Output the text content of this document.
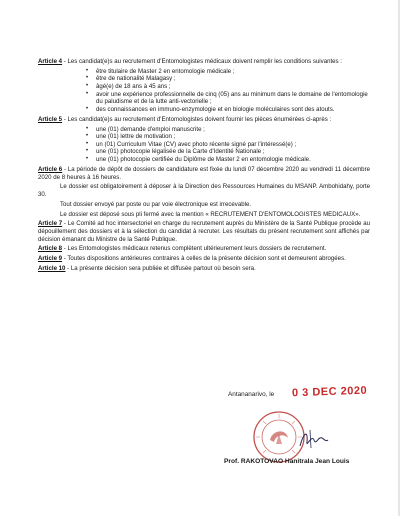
Article 4 - Les candidat(e)s au recrutement d'Entomologistes médicaux doivent remplir les conditions suivantes :

• être titulaire de Master 2 en entomologie médicale ;
• être de nationalité Malagasy ;
• âgé(e) de 18 ans à 45 ans ;
• avoir une expérience professionnelle de cinq (05) ans au minimum dans le domaine de l'entomologie du paludisme et de la lutte anti-vectorielle ;
• des connaissances en immuno-enzymologie et en biologie moléculaires sont des atouts.

Article 5 - Les candidat(e)s au recrutement d'Entomologistes doivent fournir les pièces énumérées ci-après :

• une (01) demande d'emploi manuscrite ;
• une (01) lettre de motivation ;
• un (01) Curriculum Vitae (CV) avec photo récente signé par l'intéressé(e) ;
• une (01) photocopie légalisée de la Carte d'Identité Nationale ;
• une (01) photocopie certifiée du Diplôme de Master 2 en entomologie médicale.

Article 6 - La période de dépôt de dossiers de candidature est fixée du lundi 07 décembre 2020 au vendredi 11 décembre 2020 de 8 heures à 16 heures.

Le dossier est obligatoirement à déposer à la Direction des Ressources Humaines du MSANP. Ambohidahy, porte 30.

Tout dossier envoyé par poste ou par voie électronique est irrecevable.

Le dossier est déposé sous pli fermé avec la mention « RECRUTEMENT D'ENTOMOLOGISTES MEDICAUX».

Article 7 - Le Comité ad hoc intersectoriel en charge du recrutement auprès du Ministère de la Santé Publique procède au dépouillement des dossiers et à la sélection du candidat à recruter. Les résultats du présent recrutement sont affichés par décision émanant du Ministre de la Santé Publique.

Article 8 - Les Entomologistes médicaux retenus complètent ultérieurement leurs dossiers de recrutement.

Article 9 - Toutes dispositions antérieures contraires à celles de la présente décision sont et demeurent abrogées.

Article 10 - La présente décision sera publiée et diffusée partout où besoin sera.

Antananarivo, le 0 3 DEC 2020
Prof. RAKOTOVAO Hanitrala Jean Louis
